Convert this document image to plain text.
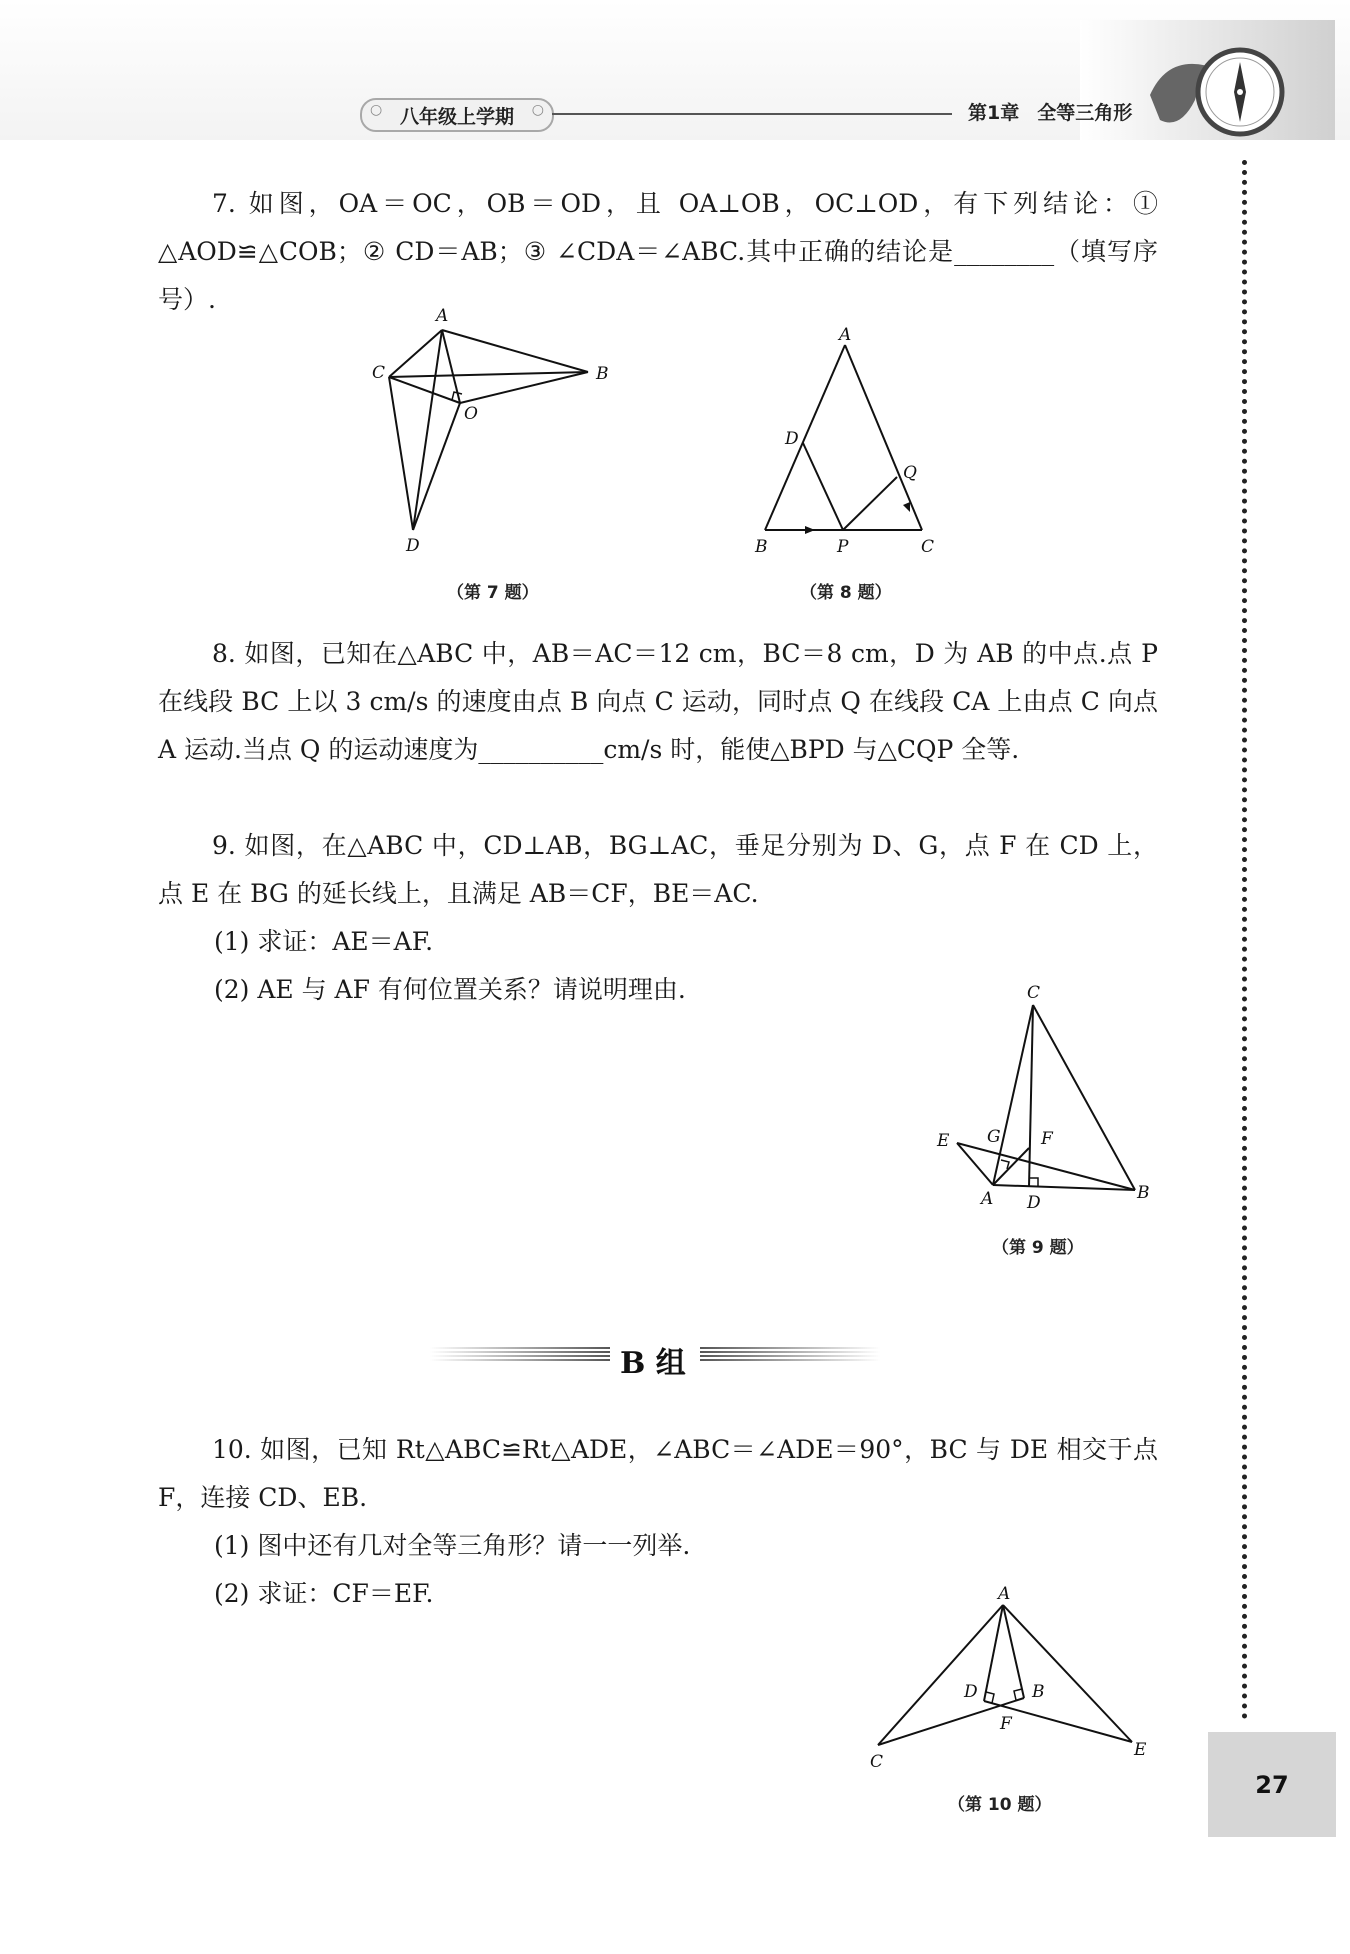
○ 八年级上学期
○	第1章 全等三角形
27

7. 如图，OA＝OC，OB＝OD，且 OA⊥OB，OC⊥OD，有下列结论：① △AOD≌△COB；② CD＝AB；③ ∠CDA＝∠ABC.其中正确的结论是________（填写序号）.

A
B
C
O
D
（第 7 题）
A
D
Q
B	P	C
（第 8 题）

8. 如图，已知在△ABC 中，AB＝AC＝12 cm，BC＝8 cm，D 为 AB 的中点.点 P 在线段 BC 上以 3 cm/s 的速度由点 B 向点 C 运动，同时点 Q 在线段 CA 上由点 C 向点 A 运动.当点 Q 的运动速度为__________cm/s 时，能使△BPD 与△CQP 全等.

9. 如图，在△ABC 中，CD⊥AB，BG⊥AC，垂足分别为 D、G，点 F 在 CD 上，点 E 在 BG 的延长线上，且满足 AB＝CF，BE＝AC.

(1) 求证：AE＝AF.
(2) AE 与 AF 有何位置关系？请说明理由.	C
E G F
A D	B
（第 9 题）
B 组

10. 如图，已知 Rt△ABC≌Rt△ADE，∠ABC＝∠ADE＝90°，BC 与 DE 相交于点 F，连接 CD、EB.

(1) 图中还有几对全等三角形？请一一列举.
(2) 求证：CF＝EF.	A
D	B
F
C
E
（第 10 题）
